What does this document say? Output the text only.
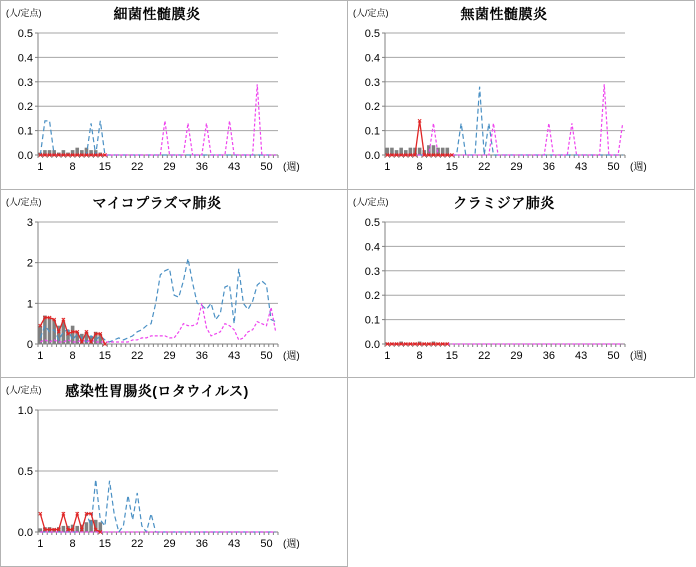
(人/定点)	細菌性髄膜炎
0.0
0.1
0.2
0.3
0.4
0.5
1 8 15 22 29 36 43 50 (週)
(人/定点)	無菌性髄膜炎
0.0
0.1
0.2
0.3
0.4
0.5
1 8 15 22 29 36 43 50 (週)
(人/定点)	マイコプラズマ肺炎
0
1
2
3
1 8 15 22 29 36 43 50 (週)
(人/定点)	クラミジア肺炎
0.0
0.1
0.2
0.3
0.4
0.5
1 8 15 22 29 36 43 50 (週)
(人/定点)	感染性胃腸炎(ロタウイルス)
0.0
0.5
1.0
1 8 15 22 29 36 43 50 (週)
